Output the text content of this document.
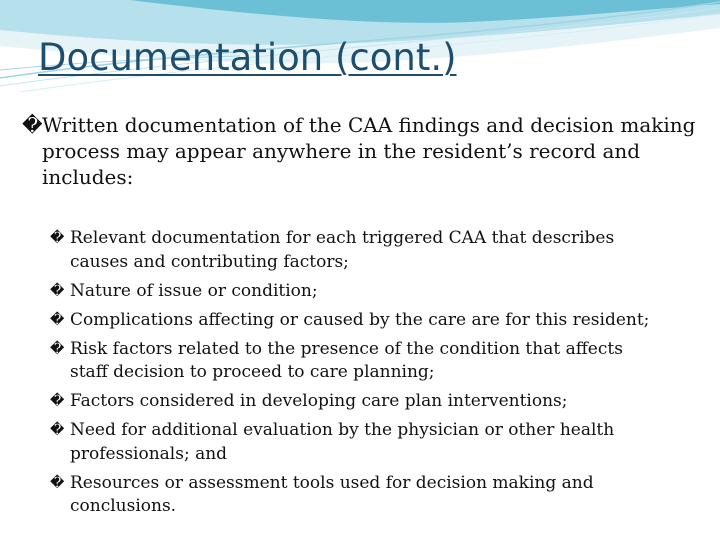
Documentation (cont.)
� Written documentation of the CAA findings and decision making process may appear anywhere in the resident’s record and includes:
� Relevant documentation for each triggered CAA that describes
causes and contributing factors;
� Nature of issue or condition;
� Complications affecting or caused by the care are for this resident;
� Risk factors related to the presence of the condition that affects
staff decision to proceed to care planning;
� Factors considered in developing care plan interventions;
� Need for additional evaluation by the physician or other health
professionals; and
� Resources or assessment tools used for decision making and
conclusions.
